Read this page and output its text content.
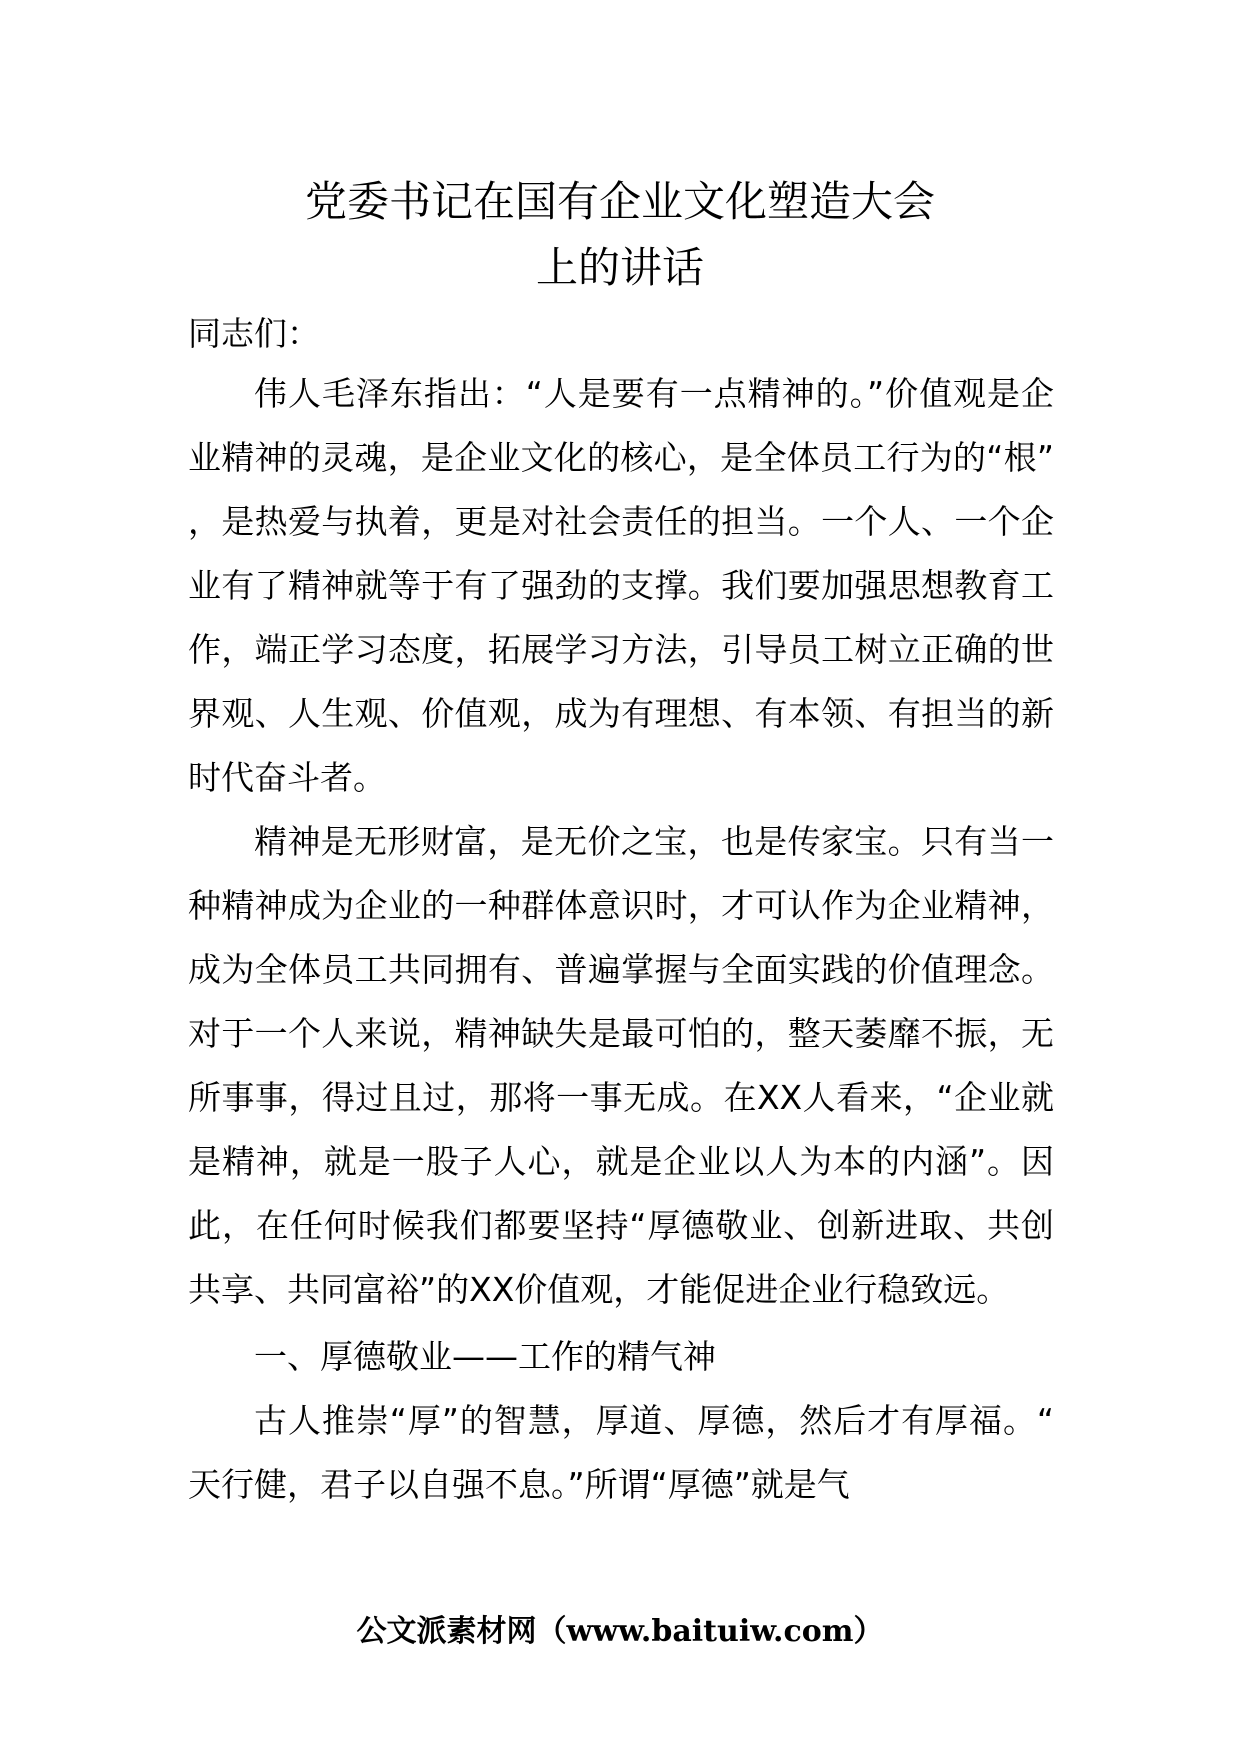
党委书记在国有企业文化塑造大会
上的讲话
同志们：

伟人毛泽东指出：“人是要有一点精神的。”价值观是企业精神的灵魂，是企业文化的核心，是全体员工行为的“根”，是热爱与执着，更是对社会责任的担当。一个人、一个企业有了精神就等于有了强劲的支撑。我们要加强思想教育工作，端正学习态度，拓展学习方法，引导员工树立正确的世界观、人生观、价值观，成为有理想、有本领、有担当的新时代奋斗者。

精神是无形财富，是无价之宝，也是传家宝。只有当一种精神成为企业的一种群体意识时，才可认作为企业精神，成为全体员工共同拥有、普遍掌握与全面实践的价值理念。对于一个人来说，精神缺失是最可怕的，整天萎靡不振，无所事事，得过且过，那将一事无成。在XX人看来，“企业就是精神，就是一股子人心，就是企业以人为本的内涵”。因此，在任何时候我们都要坚持“厚德敬业、创新进取、共创共享、共同富裕”的XX价值观，才能促进企业行稳致远。

一、厚德敬业——工作的精气神

古人推崇“厚”的智慧，厚道、厚德，然后才有厚福。“天行健，君子以自强不息。”所谓“厚德”就是气

公文派素材网（www.baituiw.com）
